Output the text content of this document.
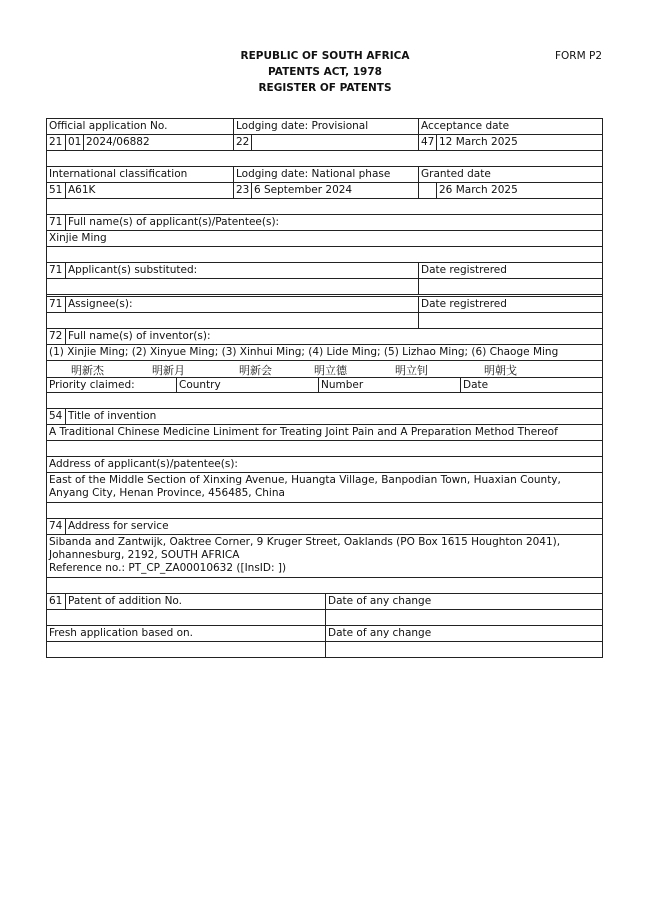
REPUBLIC OF SOUTH AFRICA
PATENTS ACT, 1978
REGISTER OF PATENTS
FORM P2
Official application No.	Lodging date: Provisional	Acceptance date
21 01 2024/06882	22	47 12 March 2025
International classification	Lodging date: National phase	Granted date
51 A61K	23 6 September 2024	26 March 2025
71 Full name(s) of applicant(s)/Patentee(s):
Xinjie Ming
71 Applicant(s) substituted:	Date registrered
71 Assignee(s):	Date registrered
72 Full name(s) of inventor(s):
(1) Xinjie Ming; (2) Xinyue Ming; (3) Xinhui Ming; (4) Lide Ming; (5) Lizhao Ming; (6) Chaoge Ming
明新杰	明新月	明新会	明立德	明立钊	明朝戈
Priority claimed:	Country	Number	Date
54 Title of invention
A Traditional Chinese Medicine Liniment for Treating Joint Pain and A Preparation Method Thereof
Address of applicant(s)/patentee(s):
East of the Middle Section of Xinxing Avenue, Huangta Village, Banpodian Town, Huaxian County, Anyang City, Henan Province, 456485, China
74 Address for service
Sibanda and Zantwijk, Oaktree Corner, 9 Kruger Street, Oaklands (PO Box 1615 Houghton 2041),
Johannesburg, 2192, SOUTH AFRICA
Reference no.: PT_CP_ZA00010632 ([InsID: ])
61 Patent of addition No.	Date of any change
Fresh application based on.	Date of any change
